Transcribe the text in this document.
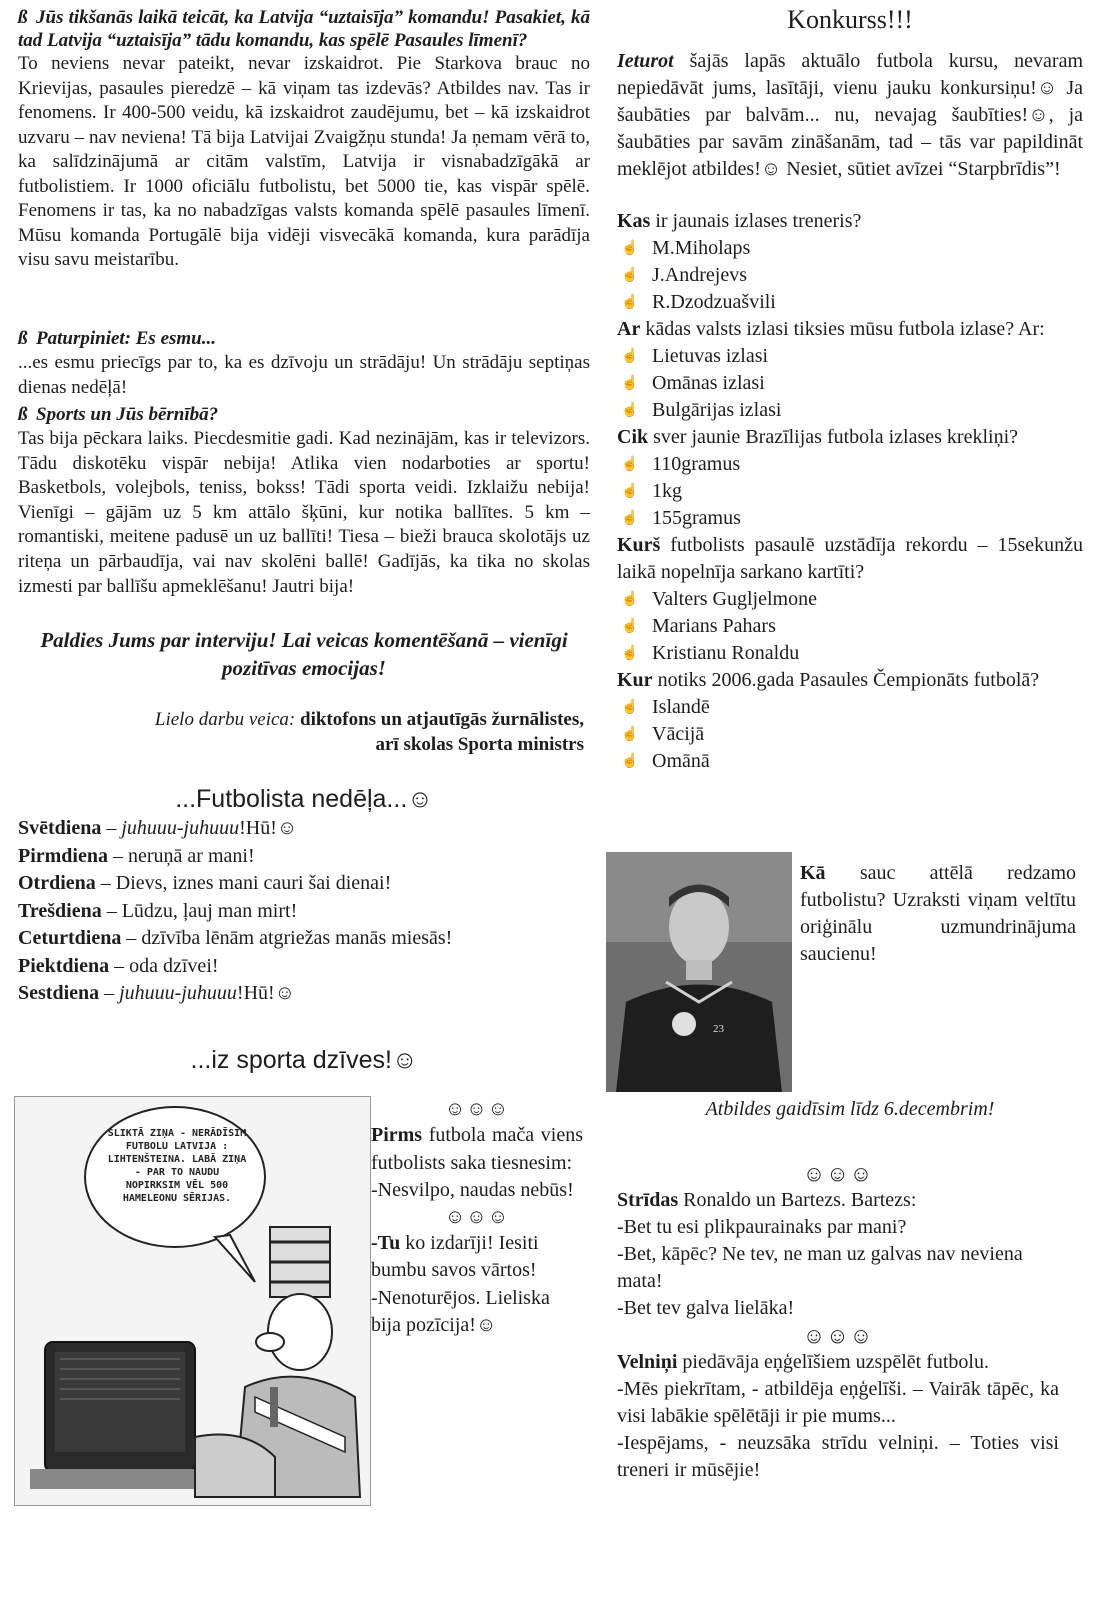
ß Jūs tikšanās laikā teicāt, ka Latvija “uztaisīja” komandu! Pasakiet, kā tad Latvija “uztaisīja” tādu komandu, kas spēlē Pasaules līmenī?

To neviens nevar pateikt, nevar izskaidrot. Pie Starkova brauc no Krievijas, pasaules pieredzē – kā viņam tas izdevās? Atbildes nav. Tas ir fenomens. Ir 400-500 veidu, kā izskaidrot zaudējumu, bet – kā izskaidrot uzvaru – nav neviena! Tā bija Latvijai Zvaigžņu stunda! Ja ņemam vērā to, ka salīdzinājumā ar citām valstīm, Latvija ir visnabadzīgākā ar futbolistiem. Ir 1000 oficiālu futbolistu, bet 5000 tie, kas vispār spēlē. Fenomens ir tas, ka no nabadzīgas valsts komanda spēlē pasaules līmenī. Mūsu komanda Portugālē bija vidēji visvecākā komanda, kura parādīja visu savu meistarību.

ß Paturpiniet: Es esmu...

...es esmu priecīgs par to, ka es dzīvoju un strādāju! Un strādāju septiņas dienas nedēļā!

ß Sports un Jūs bērnībā?

Tas bija pēckara laiks. Piecdesmitie gadi. Kad nezinājām, kas ir televizors. Tādu diskotēku vispār nebija! Atlika vien nodarboties ar sportu! Basketbols, volejbols, teniss, bokss! Tādi sporta veidi. Izklaižu nebija! Vienīgi – gājām uz 5 km attālo šķūni, kur notika ballītes. 5 km – romantiski, meitene padusē un uz ballīti! Tiesa – bieži brauca skolotājs uz riteņa un pārbaudīja, vai nav skolēni ballē! Gadījās, ka tika no skolas izmesti par ballīšu apmeklēšanu! Jautri bija!

Paldies Jums par interviju! Lai veicas komentēšanā – vienīgi pozitīvas emocijas!

Lielo darbu veica: diktofons un atjautīgās žurnālistes,

arī skolas Sporta ministrs

...Futbolista nedēļa...☺

Svētdiena – juhuuu-juhuuu!Hū!☺

Pirmdiena – neruņā ar mani!

Otrdiena – Dievs, iznes mani cauri šai dienai!

Trešdiena – Lūdzu, ļauj man mirt!

Ceturtdiena – dzīvība lēnām atgriežas manās miesās!

Piektdiena – oda dzīvei!

Sestdiena – juhuuu-juhuuu!Hū!☺

...iz sporta dzīves!☺

SLIKTĀ ZIŅA - NERĀDĪSIM FUTBOLU LATVIJA : LIHTENŠTEINA. LABĀ ZIŅA - PAR TO NAUDU NOPIRKSIM VĒL 500 HAMELEONU SĒRIJAS.

☺☺☺

Pirms futbola mača viens futbolists saka tiesnesim:

-Nesvilpo, naudas nebūs!

☺☺☺

-Tu ko izdarīji! Iesiti bumbu savos vārtos!

-Nenoturējos. Lieliska bija pozīcija!☺

Konkurss!!!

Ieturot šajās lapās aktuālo futbola kursu, nevaram nepiedāvāt jums, lasītāji, vienu jauku konkursiņu!☺ Ja šaubāties par balvām... nu, nevajag šaubīties!☺, ja šaubāties par savām zināšanām, tad – tās var papildināt meklējot atbildes!☺ Nesiet, sūtiet avīzei “Starpbrīdis”!

Kas ir jaunais izlases treneris?

☝ M.Miholaps

☝ J.Andrejevs

☝ R.Dzodzuašvili

Ar kādas valsts izlasi tiksies mūsu futbola izlase? Ar:

☝ Lietuvas izlasi

☝ Omānas izlasi

☝ Bulgārijas izlasi

Cik sver jaunie Brazīlijas futbola izlases krekliņi?

☝ 110gramus

☝ 1kg

☝ 155gramus

Kurš futbolists pasaulē uzstādīja rekordu – 15sekunžu laikā nopelnīja sarkano kartīti?

☝ Valters Gugljelmone

☝ Marians Pahars

☝ Kristianu Ronaldu

Kur notiks 2006.gada Pasaules Čempionāts futbolā?

☝ Islandē

☝ Vācijā

☝ Omānā

23

Kā sauc attēlā redzamo futbolistu? Uzraksti viņam veltītu oriģinālu uzmundrinājuma saucienu!

Atbildes gaidīsim līdz 6.decembrim!

☺☺☺

Strīdas Ronaldo un Bartezs. Bartezs:

-Bet tu esi plikpaurainaks par mani?

-Bet, kāpēc? Ne tev, ne man uz galvas nav neviena mata!

-Bet tev galva lielāka!

☺☺☺

Velniņi piedāvāja eņģelīšiem uzspēlēt futbolu.

-Mēs piekrītam, - atbildēja eņģelīši. – Vairāk tāpēc, ka visi labākie spēlētāji ir pie mums...

-Iespējams, - neuzsāka strīdu velniņi. – Toties visi treneri ir mūsējie!
